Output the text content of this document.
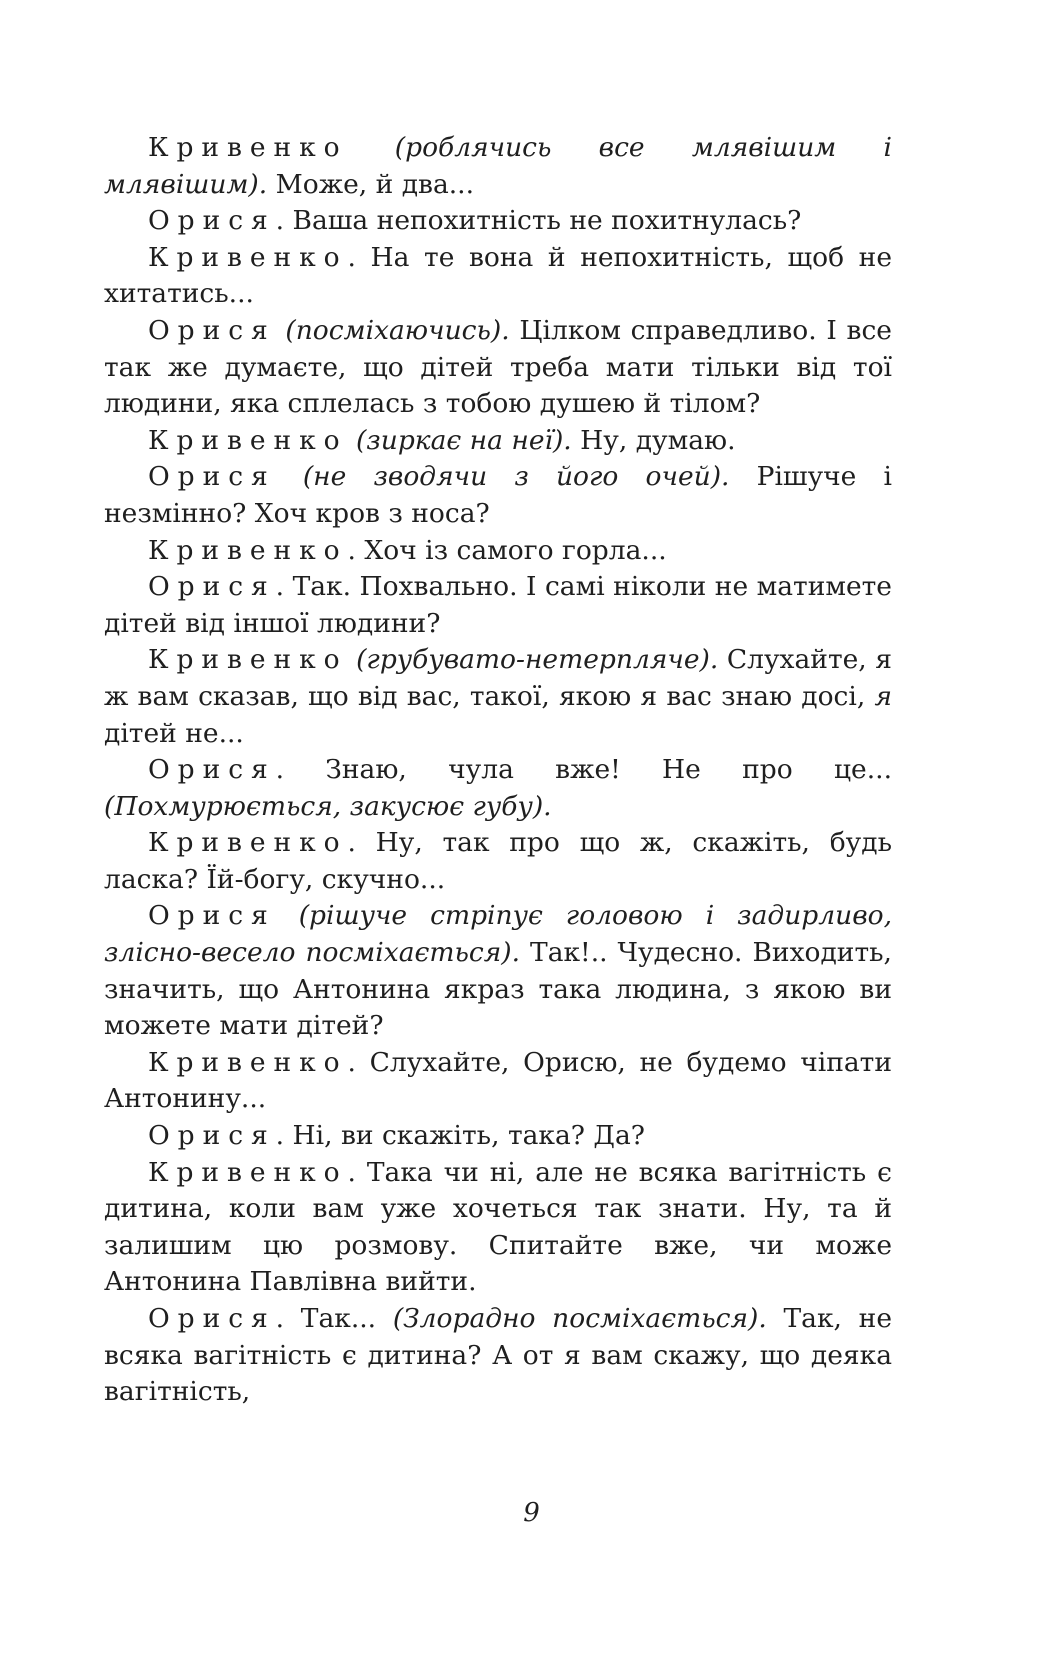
Кривенко (роблячись все млявішим і млявішим). Може, й два...

Орися. Ваша непохитність не похитнулась?

Кривенко. На те вона й непохитність, щоб не хитатись...

Орися (посміхаючись). Цілком справедливо. І все так же думаєте, що дітей треба мати тільки від тої людини, яка сплелась з тобою душею й тілом?

Кривенко (зиркає на неї). Ну, думаю.

Орися (не зводячи з його очей). Рішуче і незмінно? Хоч кров з носа?

Кривенко. Хоч із самого горла...

Орися. Так. Похвально. І самі ніколи не матимете дітей від іншої людини?

Кривенко (грубувато-нетерпляче). Слухайте, я ж вам сказав, що від вас, такої, якою я вас знаю досі, я дітей не...

Орися. Знаю, чула вже! Не про це... (Похмурюється, закусює губу).

Кривенко. Ну, так про що ж, скажіть, будь ласка? Їй-богу, скучно...

Орися (рішуче стріпує головою і задирливо, злісно-весело посміхається). Так!.. Чудесно. Виходить, значить, що Антонина якраз така людина, з якою ви можете мати дітей?

Кривенко. Слухайте, Орисю, не будемо чіпати Антонину...

Орися. Ні, ви скажіть, така? Да?

Кривенко. Така чи ні, але не всяка вагітність є дитина, коли вам уже хочеться так знати. Ну, та й залишим цю розмову. Спитайте вже, чи може Антонина Павлівна вийти.

Орися. Так... (Злорадно посміхається). Так, не всяка вагітність є дитина? А от я вам скажу, що деяка вагітність,

9
